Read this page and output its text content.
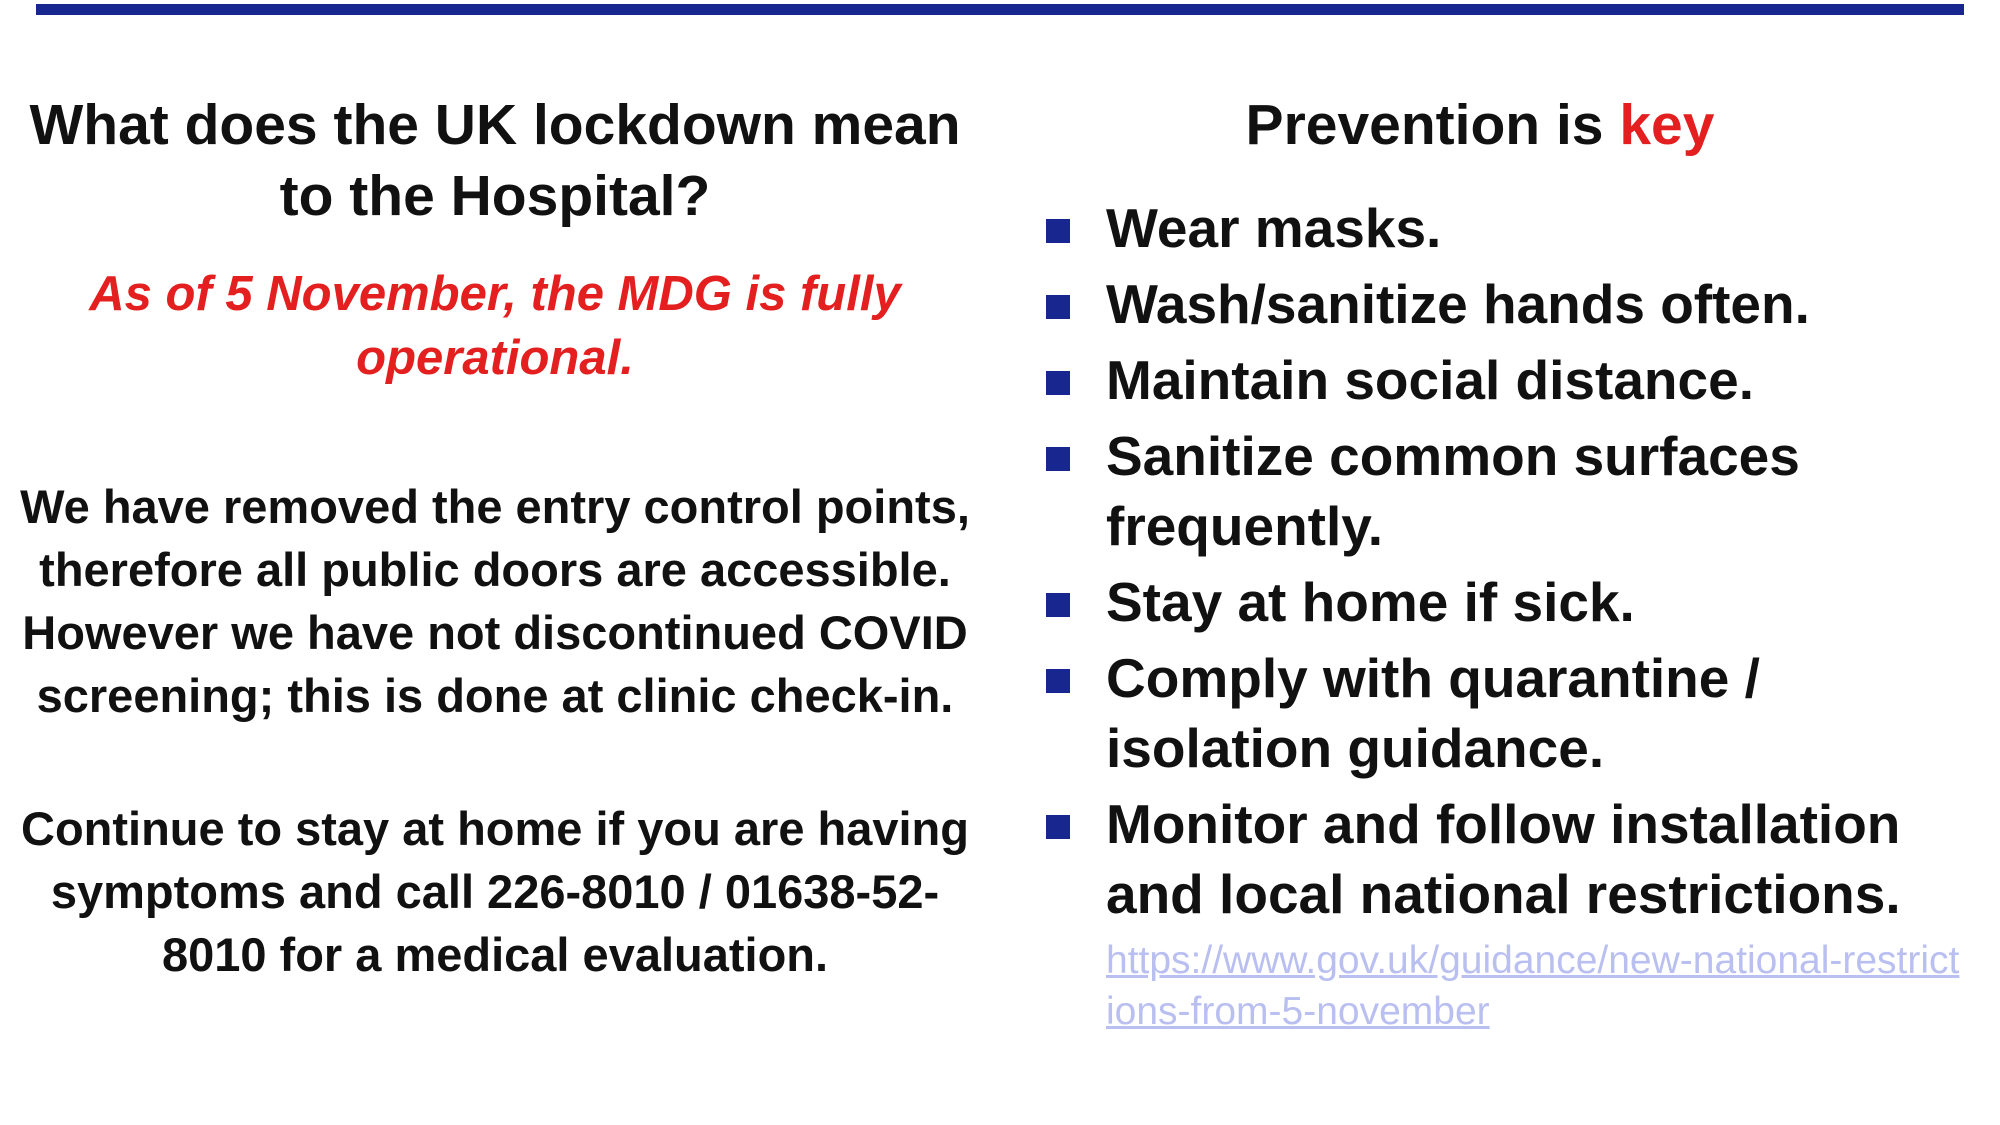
What does the UK lockdown mean to the Hospital?

As of 5 November, the MDG is fully operational.

We have removed the entry control points, therefore all public doors are accessible. However we have not discontinued COVID screening; this is done at clinic check-in.

Continue to stay at home if you are having symptoms and call 226-8010 / 01638-52-8010 for a medical evaluation.

Prevention is key
Wear masks.
Wash/sanitize hands often.
Maintain social distance.
Sanitize common surfaces frequently.
Stay at home if sick.
Comply with quarantine / isolation guidance.
Monitor and follow installation and local national restrictions.
https://www.gov.uk/guidance/new-national-restrictions-from-5-november
